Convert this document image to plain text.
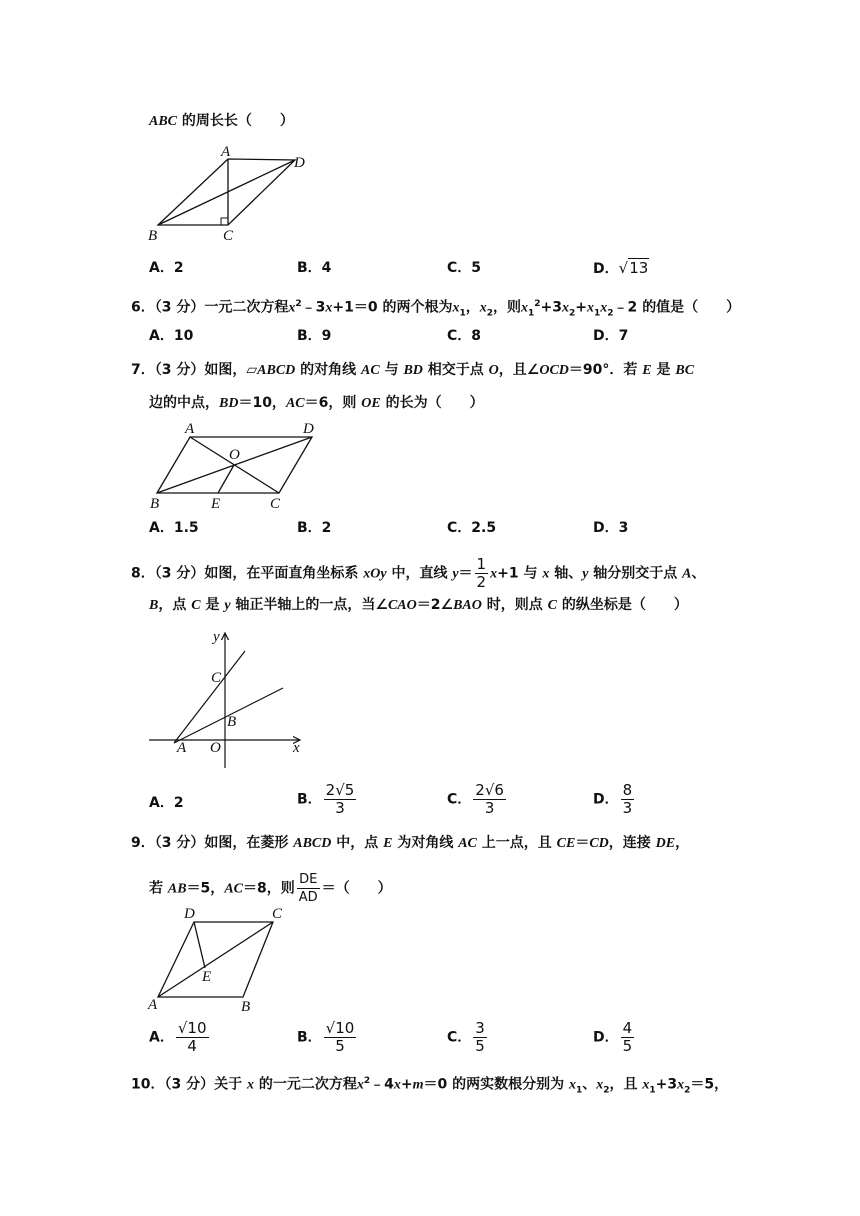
ABC 的周长长（　　）
A
D
B	C
A．2	B．4	C．5	D．√13
6．（3 分）一元二次方程$x^2﹣3x+1=0$ 的两个根为$x_1$，$x_2$，则$x_1^2+3x_2+x_1x_2﹣2$ 的值是（　　）
A．10	B．9	C．8	D．7
7．（3 分）如图，▱ABCD 的对角线 AC 与 BD 相交于点 O，且∠OCD＝90°．若 E 是 BC
边的中点，BD＝10，AC＝6，则 OE 的长为（　　）
A	D
O
B	E	C
A．1.5	B．2	C．2.5	D．3
8．（3 分）如图，在平面直角坐标系 xOy 中，直线 $y= \frac{1}{2} x+1$ 与 x 轴、y 轴分别交于点 A、
B，点 C 是 y 轴正半轴上的一点，当∠CAO＝2∠BAO 时，则点 C 的纵坐标是（　　）
y
C
B
A O	x
A．2	B． $\frac{2√5}{3}$	C． $\frac{2√6}{3}$	D． $\frac{8}{3}$
9．（3 分）如图，在菱形 ABCD 中，点 E 为对角线 AC 上一点，且 CE＝CD，连接 DE，
若 AB＝5，AC＝8，则 $\frac{DE}{AD}$ ＝（　　）
D	C
E
A	B
A． $\frac{√10}{4}$	B． $\frac{√10}{5}$	C． $\frac{3}{5}$	D． $\frac{4}{5}$
10．（3 分）关于 x 的一元二次方程$x^2﹣4x+m=0$ 的两实数根分别为 $x_1$、$x_2$，且 $x_1+3x_2=5$，
